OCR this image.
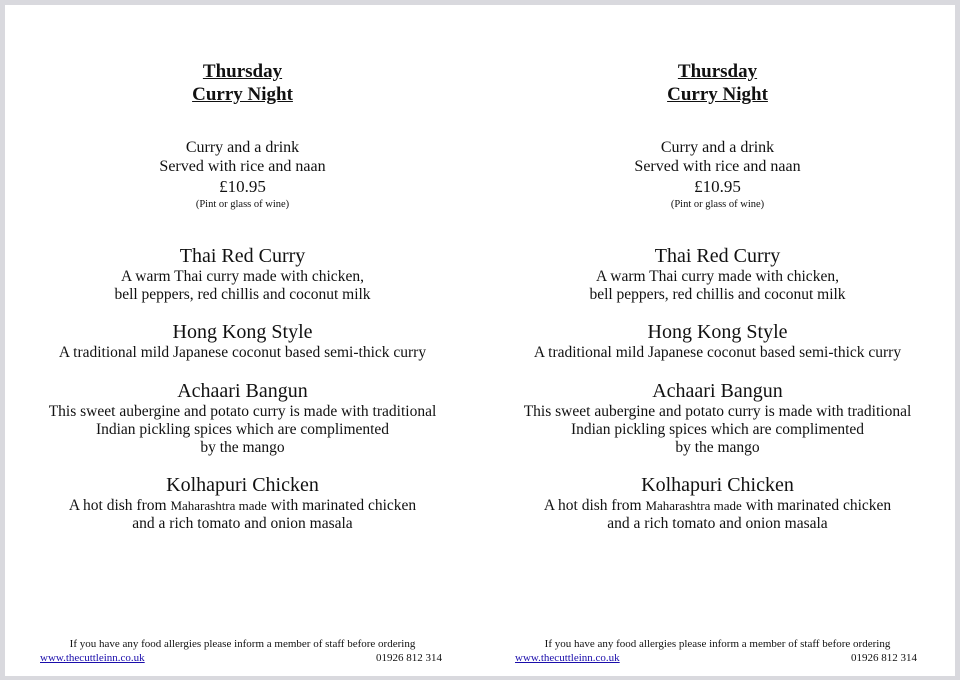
Thursday
Curry Night
Curry and a drink
Served with rice and naan
£10.95
(Pint or glass of wine)
Thai Red Curry
A warm Thai curry made with chicken,
bell peppers, red chillis and coconut milk
Hong Kong Style
A traditional mild Japanese coconut based semi-thick curry
Achaari Bangun
This sweet aubergine and potato curry is made with traditional
Indian pickling spices which are complimented
by the mango
Kolhapuri Chicken
A hot dish from Maharashtra made with marinated chicken
and a rich tomato and onion masala
If you have any food allergies please inform a member of staff before ordering
www.thecuttleinn.co.uk	01926 812 314
Thursday
Curry Night
Curry and a drink
Served with rice and naan
£10.95
(Pint or glass of wine)
Thai Red Curry
A warm Thai curry made with chicken,
bell peppers, red chillis and coconut milk
Hong Kong Style
A traditional mild Japanese coconut based semi-thick curry
Achaari Bangun
This sweet aubergine and potato curry is made with traditional
Indian pickling spices which are complimented
by the mango
Kolhapuri Chicken
A hot dish from Maharashtra made with marinated chicken
and a rich tomato and onion masala
If you have any food allergies please inform a member of staff before ordering
www.thecuttleinn.co.uk	01926 812 314
